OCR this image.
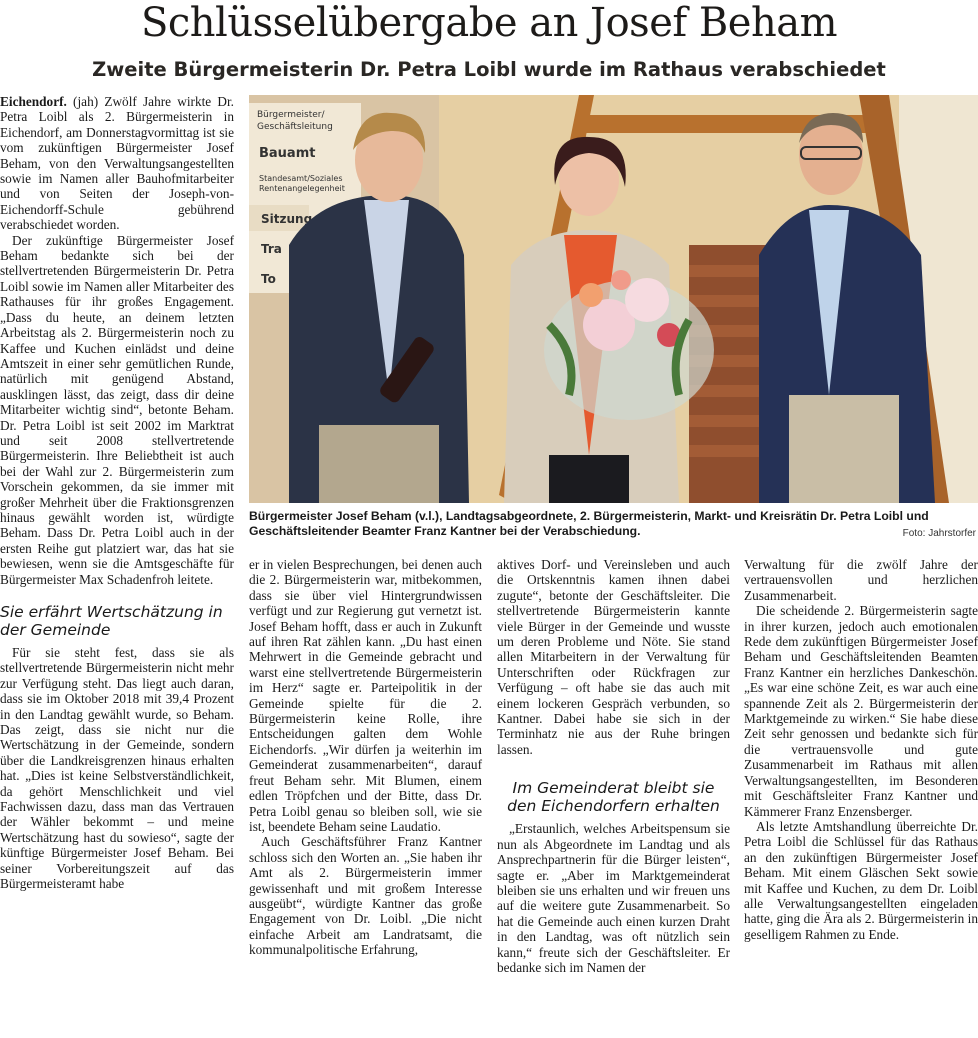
Schlüsselübergabe an Josef Beham
Zweite Bürgermeisterin Dr. Petra Loibl wurde im Rathaus verabschiedet

Eichendorf. (jah) Zwölf Jahre wirkte Dr. Petra Loibl als 2. Bürgermeisterin in Eichendorf, am Donnerstagvormittag ist sie vom zukünftigen Bürgermeister Josef Beham, von den Verwaltungsangestellten sowie im Namen aller Bauhofmitarbeiter und von Seiten der Joseph-von-Eichendorff-Schule gebührend verabschiedet worden.

Der zukünftige Bürgermeister Josef Beham bedankte sich bei der stellvertretenden Bürgermeisterin Dr. Petra Loibl sowie im Namen aller Mitarbeiter des Rathauses für ihr großes Engagement. „Dass du heute, an deinem letzten Arbeitstag als 2. Bürgermeisterin noch zu Kaffee und Kuchen einlädst und deine Amtszeit in einer sehr gemütlichen Runde, natürlich mit genügend Abstand, ausklingen lässt, das zeigt, dass dir deine Mitarbeiter wichtig sind“, betonte Beham. Dr. Petra Loibl ist seit 2002 im Marktrat und seit 2008 stellvertretende Bürgermeisterin. Ihre Beliebtheit ist auch bei der Wahl zur 2. Bürgermeisterin zum Vorschein gekommen, da sie immer mit großer Mehrheit über die Fraktionsgrenzen hinaus gewählt worden ist, würdigte Beham. Dass Dr. Petra Loibl auch in der ersten Reihe gut platziert war, das hat sie bewiesen, wenn sie die Amtsgeschäfte für Bürgermeister Max Schadenfroh leitete.

Sie erfährt Wertschätzung in der Gemeinde

Für sie steht fest, dass sie als stellvertretende Bürgermeisterin nicht mehr zur Verfügung steht. Das liegt auch daran, dass sie im Oktober 2018 mit 39,4 Prozent in den Landtag gewählt wurde, so Beham. Das zeigt, dass sie nicht nur die Wertschätzung in der Gemeinde, sondern über die Landkreisgrenzen hinaus erhalten hat. „Dies ist keine Selbstverständlichkeit, da gehört Menschlichkeit und viel Fachwissen dazu, dass man das Vertrauen der Wähler bekommt – und meine Wertschätzung hast du sowieso“, sagte der künftige Bürgermeister Josef Beham. Bei seiner Vorbereitungszeit auf das Bürgermeisteramt habe

Bürgermeister/
Geschäftsleitung
Bauamt
Standesamt/Soziales
Rentenangelegenheit
Sitzung
Tra
To
Bürgermeister Josef Beham (v.l.), Landtagsabgeordnete, 2. Bürgermeisterin, Markt- und Kreisrätin Dr. Petra Loibl und Geschäftsleitender Beamter Franz Kantner bei der Verabschiedung.	Foto: Jahrstorfer

er in vielen Besprechungen, bei denen auch die 2. Bürgermeisterin war, mitbekommen, dass sie über viel Hintergrundwissen verfügt und zur Regierung gut vernetzt ist. Josef Beham hofft, dass er auch in Zukunft auf ihren Rat zählen kann. „Du hast einen Mehrwert in die Gemeinde gebracht und warst eine stellvertretende Bürgermeisterin im Herz“ sagte er. Parteipolitik in der Gemeinde spielte für die 2. Bürgermeisterin keine Rolle, ihre Entscheidungen galten dem Wohle Eichendorfs. „Wir dürfen ja weiterhin im Gemeinderat zusammenarbeiten“, darauf freut Beham sehr. Mit Blumen, einem edlen Tröpfchen und der Bitte, dass Dr. Petra Loibl genau so bleiben soll, wie sie ist, beendete Beham seine Laudatio.

Auch Geschäftsführer Franz Kantner schloss sich den Worten an. „Sie haben ihr Amt als 2. Bürgermeisterin immer gewissenhaft und mit großem Interesse ausgeübt“, würdigte Kantner das große Engagement von Dr. Loibl. „Die nicht einfache Arbeit am Landratsamt, die kommunalpolitische Erfahrung,

aktives Dorf- und Vereinsleben und auch die Ortskenntnis kamen ihnen dabei zugute“, betonte der Geschäftsleiter. Die stellvertretende Bürgermeisterin kannte viele Bürger in der Gemeinde und wusste um deren Probleme und Nöte. Sie stand allen Mitarbeitern in der Verwaltung für Unterschriften oder Rückfragen zur Verfügung – oft habe sie das auch mit einem lockeren Gespräch verbunden, so Kantner. Dabei habe sie sich in der Terminhatz nie aus der Ruhe bringen lassen.

Im Gemeinderat bleibt sie den Eichendorfern erhalten

„Erstaunlich, welches Arbeitspensum sie nun als Abgeordnete im Landtag und als Ansprechpartnerin für die Bürger leisten“, sagte er. „Aber im Marktgemeinderat bleiben sie uns erhalten und wir freuen uns auf die weitere gute Zusammenarbeit. So hat die Gemeinde auch einen kurzen Draht in den Landtag, was oft nützlich sein kann,“ freute sich der Geschäftsleiter. Er bedanke sich im Namen der

Verwaltung für die zwölf Jahre der vertrauensvollen und herzlichen Zusammenarbeit.

Die scheidende 2. Bürgermeisterin sagte in ihrer kurzen, jedoch auch emotionalen Rede dem zukünftigen Bürgermeister Josef Beham und Geschäftsleitenden Beamten Franz Kantner ein herzliches Dankeschön. „Es war eine schöne Zeit, es war auch eine spannende Zeit als 2. Bürgermeisterin der Marktgemeinde zu wirken.“ Sie habe diese Zeit sehr genossen und bedankte sich für die vertrauensvolle und gute Zusammenarbeit im Rathaus mit allen Verwaltungsangestellten, im Besonderen mit Geschäftsleiter Franz Kantner und Kämmerer Franz Enzensberger.

Als letzte Amtshandlung überreichte Dr. Petra Loibl die Schlüssel für das Rathaus an den zukünftigen Bürgermeister Josef Beham. Mit einem Gläschen Sekt sowie mit Kaffee und Kuchen, zu dem Dr. Loibl alle Verwaltungsangestellten eingeladen hatte, ging die Ära als 2. Bürgermeisterin in geselligem Rahmen zu Ende.
